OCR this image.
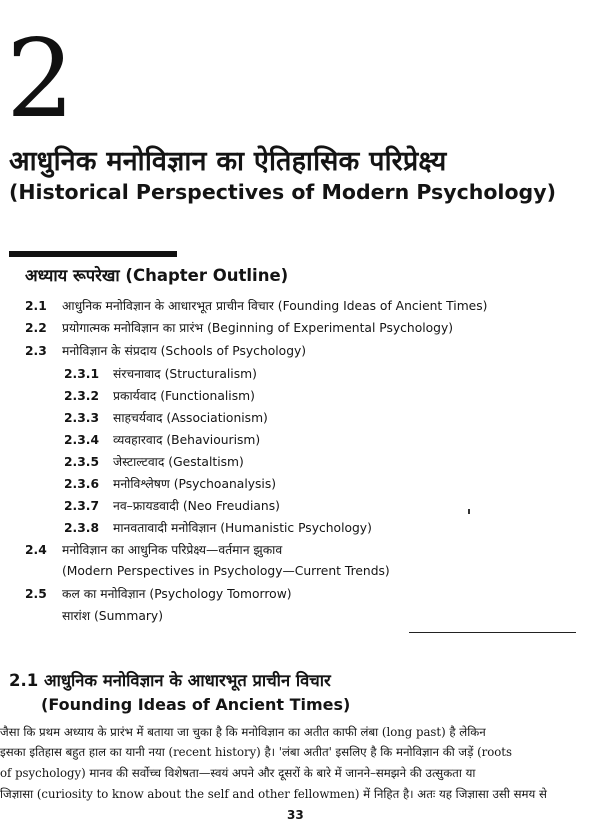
2
आधुनिक मनोविज्ञान का ऐतिहासिक परिप्रेक्ष्य
(Historical Perspectives of Modern Psychology)
अध्याय रूपरेखा (Chapter Outline)
2.1 आधुनिक मनोविज्ञान के आधारभूत प्राचीन विचार (Founding Ideas of Ancient Times)
2.2 प्रयोगात्मक मनोविज्ञान का प्रारंभ (Beginning of Experimental Psychology)
2.3 मनोविज्ञान के संप्रदाय (Schools of Psychology)
2.3.1 संरचनावाद (Structuralism)
2.3.2 प्रकार्यवाद (Functionalism)
2.3.3 साहचर्यवाद (Associationism)
2.3.4 व्यवहारवाद (Behaviourism)
2.3.5 जेस्टाल्टवाद (Gestaltism)
2.3.6 मनोविश्लेषण (Psychoanalysis)
2.3.7 नव–फ्रायडवादी (Neo Freudians)
2.3.8 मानवतावादी मनोविज्ञान (Humanistic Psychology)
2.4 मनोविज्ञान का आधुनिक परिप्रेक्ष्य—वर्तमान झुकाव
(Modern Perspectives in Psychology—Current Trends)
2.5 कल का मनोविज्ञान (Psychology Tomorrow)
सारांश (Summary)
2.1 आधुनिक मनोविज्ञान के आधारभूत प्राचीन विचार
(Founding Ideas of Ancient Times)
जैसा कि प्रथम अध्याय के प्रारंभ में बताया जा चुका है कि मनोविज्ञान का अतीत काफी लंबा (long past) है लेकिन
इसका इतिहास बहुत हाल का यानी नया (recent history) है। 'लंबा अतीत' इसलिए है कि मनोविज्ञान की जड़ें (roots
of psychology) मानव की सर्वोच्च विशेषता—स्वयं अपने और दूसरों के बारे में जानने–समझने की उत्सुकता या
जिज्ञासा (curiosity to know about the self and other fellowmen) में निहित है। अतः यह जिज्ञासा उसी समय से
33
